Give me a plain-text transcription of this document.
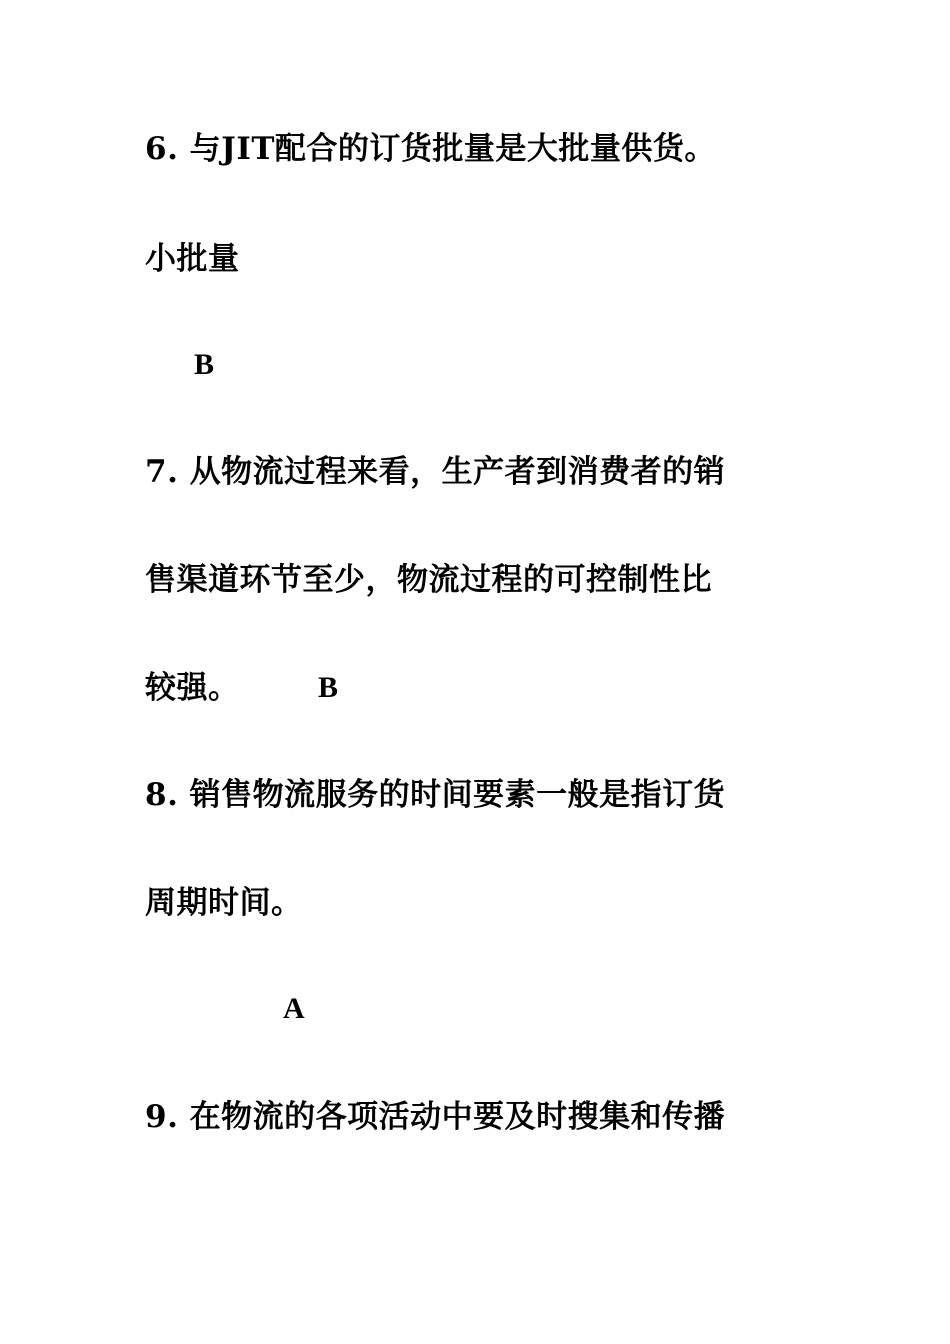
6. 与JIT配合的订货批量是大批量供货。
小批量
B
7. 从物流过程来看，生产者到消费者的销
售渠道环节至少，物流过程的可控制性比
较强。	B
8. 销售物流服务的时间要素一般是指订货
周期时间。
A
9. 在物流的各项活动中要及时搜集和传播
